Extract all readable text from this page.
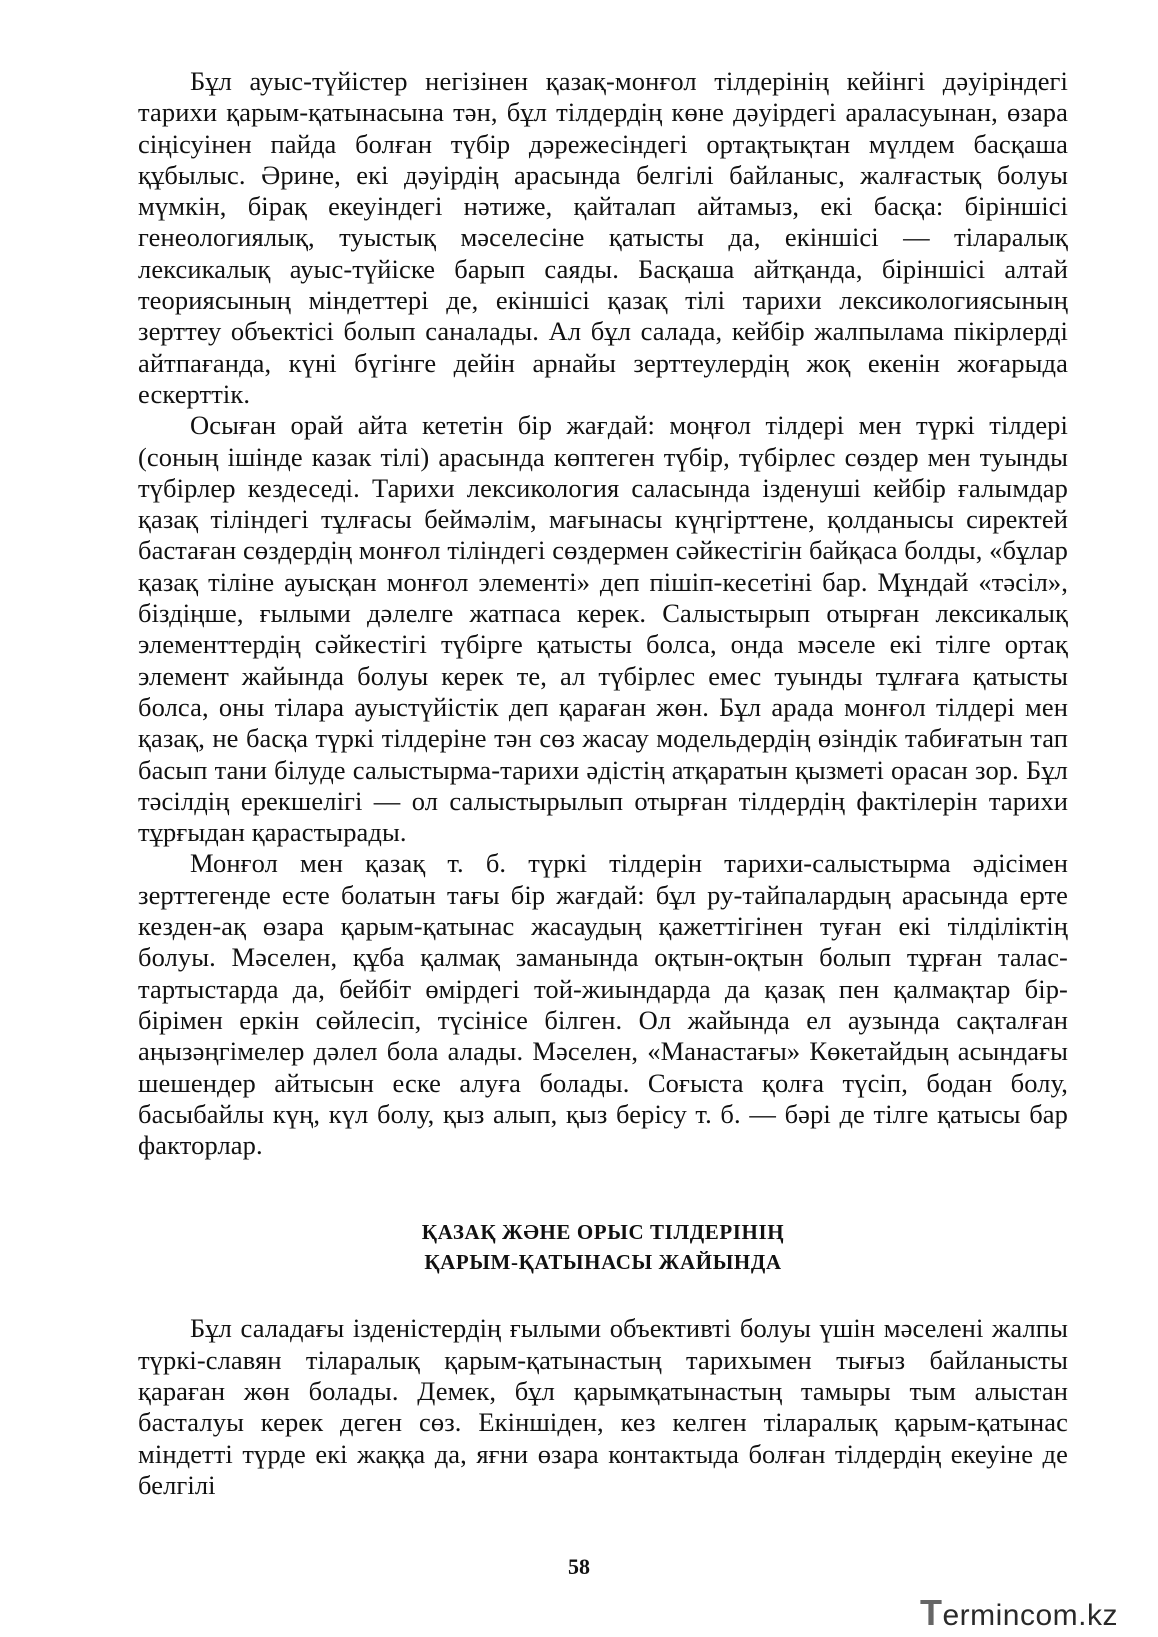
Бұл ауыс-түйістер негізінен қазақ-монғол тілдерінің кейінгі дәуіріндегі тарихи қарым-қатынасына тән, бұл тілдердің көне дәуірдегі араласуынан, өзара сіңісуінен пайда болған түбір дәрежесіндегі ортақтықтан мүлдем басқаша құбылыс. Әрине, екі дәуірдің арасында белгілі байланыс, жалғастық болуы мүмкін, бірақ екеуіндегі нәтиже, қайталап айтамыз, екі басқа: біріншісі генеологиялық, туыстық мәселесіне қатысты да, екіншісі — тіларалық лексикалық ауыс-түйіске барып саяды. Басқаша айтқанда, біріншісі алтай теориясының міндеттері де, екіншісі қазақ тілі тарихи лексикологиясының зерттеу объектісі болып саналады. Ал бұл салада, кейбір жалпылама пікірлерді айтпағанда, күні бүгінге дейін арнайы зерттеулердің жоқ екенін жоғарыда ескерттік.

Осыған орай айта кететін бір жағдай: моңғол тілдері мен түркі тілдері (соның ішінде казак тілі) арасында көптеген түбір, түбірлес сөздер мен туынды түбірлер кездеседі. Тарихи лексикология саласында ізденуші кейбір ғалымдар қазақ тіліндегі тұлғасы беймәлім, мағынасы күңгірттене, қолданысы сиректей бастаған сөздердің монғол тіліндегі сөздермен сәйкестігін байқаса болды, «бұлар қазақ тіліне ауысқан монғол элементі» деп пішіп-кесетіні бар. Мұндай «тәсіл», біздіңше, ғылыми дәлелге жатпаса керек. Салыстырып отырған лексикалық элементтердің сәйкестігі түбірге қатысты болса, онда мәселе екі тілге ортақ элемент жайында болуы керек те, ал түбірлес емес туынды тұлғаға қатысты болса, оны тілара ауыстүйістік деп қараған жөн. Бұл арада монғол тілдері мен қазақ, не басқа түркі тілдеріне тән сөз жасау модельдердің өзіндік табиғатын тап басып тани білуде салыстырма-тарихи әдістің атқаратын қызметі орасан зор. Бұл тәсілдің ерекшелігі — ол салыстырылып отырған тілдердің фактілерін тарихи тұрғыдан қарастырады.

Монғол мен қазақ т. б. түркі тілдерін тарихи-салыстырма әдісімен зерттегенде есте болатын тағы бір жағдай: бұл ру-тайпалардың арасында ерте кезден-ақ өзара қарым-қатынас жасаудың қажеттігінен туған екі тілділіктің болуы. Мәселен, құба қалмақ заманында оқтын-оқтын болып тұрған талас-тартыстарда да, бейбіт өмірдегі той-жиындарда да қазақ пен қалмақтар бір-бірімен еркін сөйлесіп, түсінісе білген. Ол жайында ел аузында сақталған аңызәңгімелер дәлел бола алады. Мәселен, «Манастағы» Көкетайдың асындағы шешендер айтысын еске алуға болады. Соғыста қолға түсіп, бодан болу, басыбайлы күң, күл болу, қыз алып, қыз берісу т. б. — бәрі де тілге қатысы бар факторлар.

ҚАЗАҚ ЖӘНЕ ОРЫС ТІЛДЕРІНІҢ
ҚАРЫМ-ҚАТЫНАСЫ ЖАЙЫНДА

Бұл саладағы ізденістердің ғылыми объективті болуы үшін мәселені жалпы түркі-славян тіларалық қарым-қатынастың тарихымен тығыз байланысты қараған жөн болады. Демек, бұл қарымқатынастың тамыры тым алыстан басталуы керек деген сөз. Екіншіден, кез келген тіларалық қарым-қатынас міндетті түрде екі жаққа да, яғни өзара контактыда болған тілдердің екеуіне де белгілі

58
Termincom.kz
